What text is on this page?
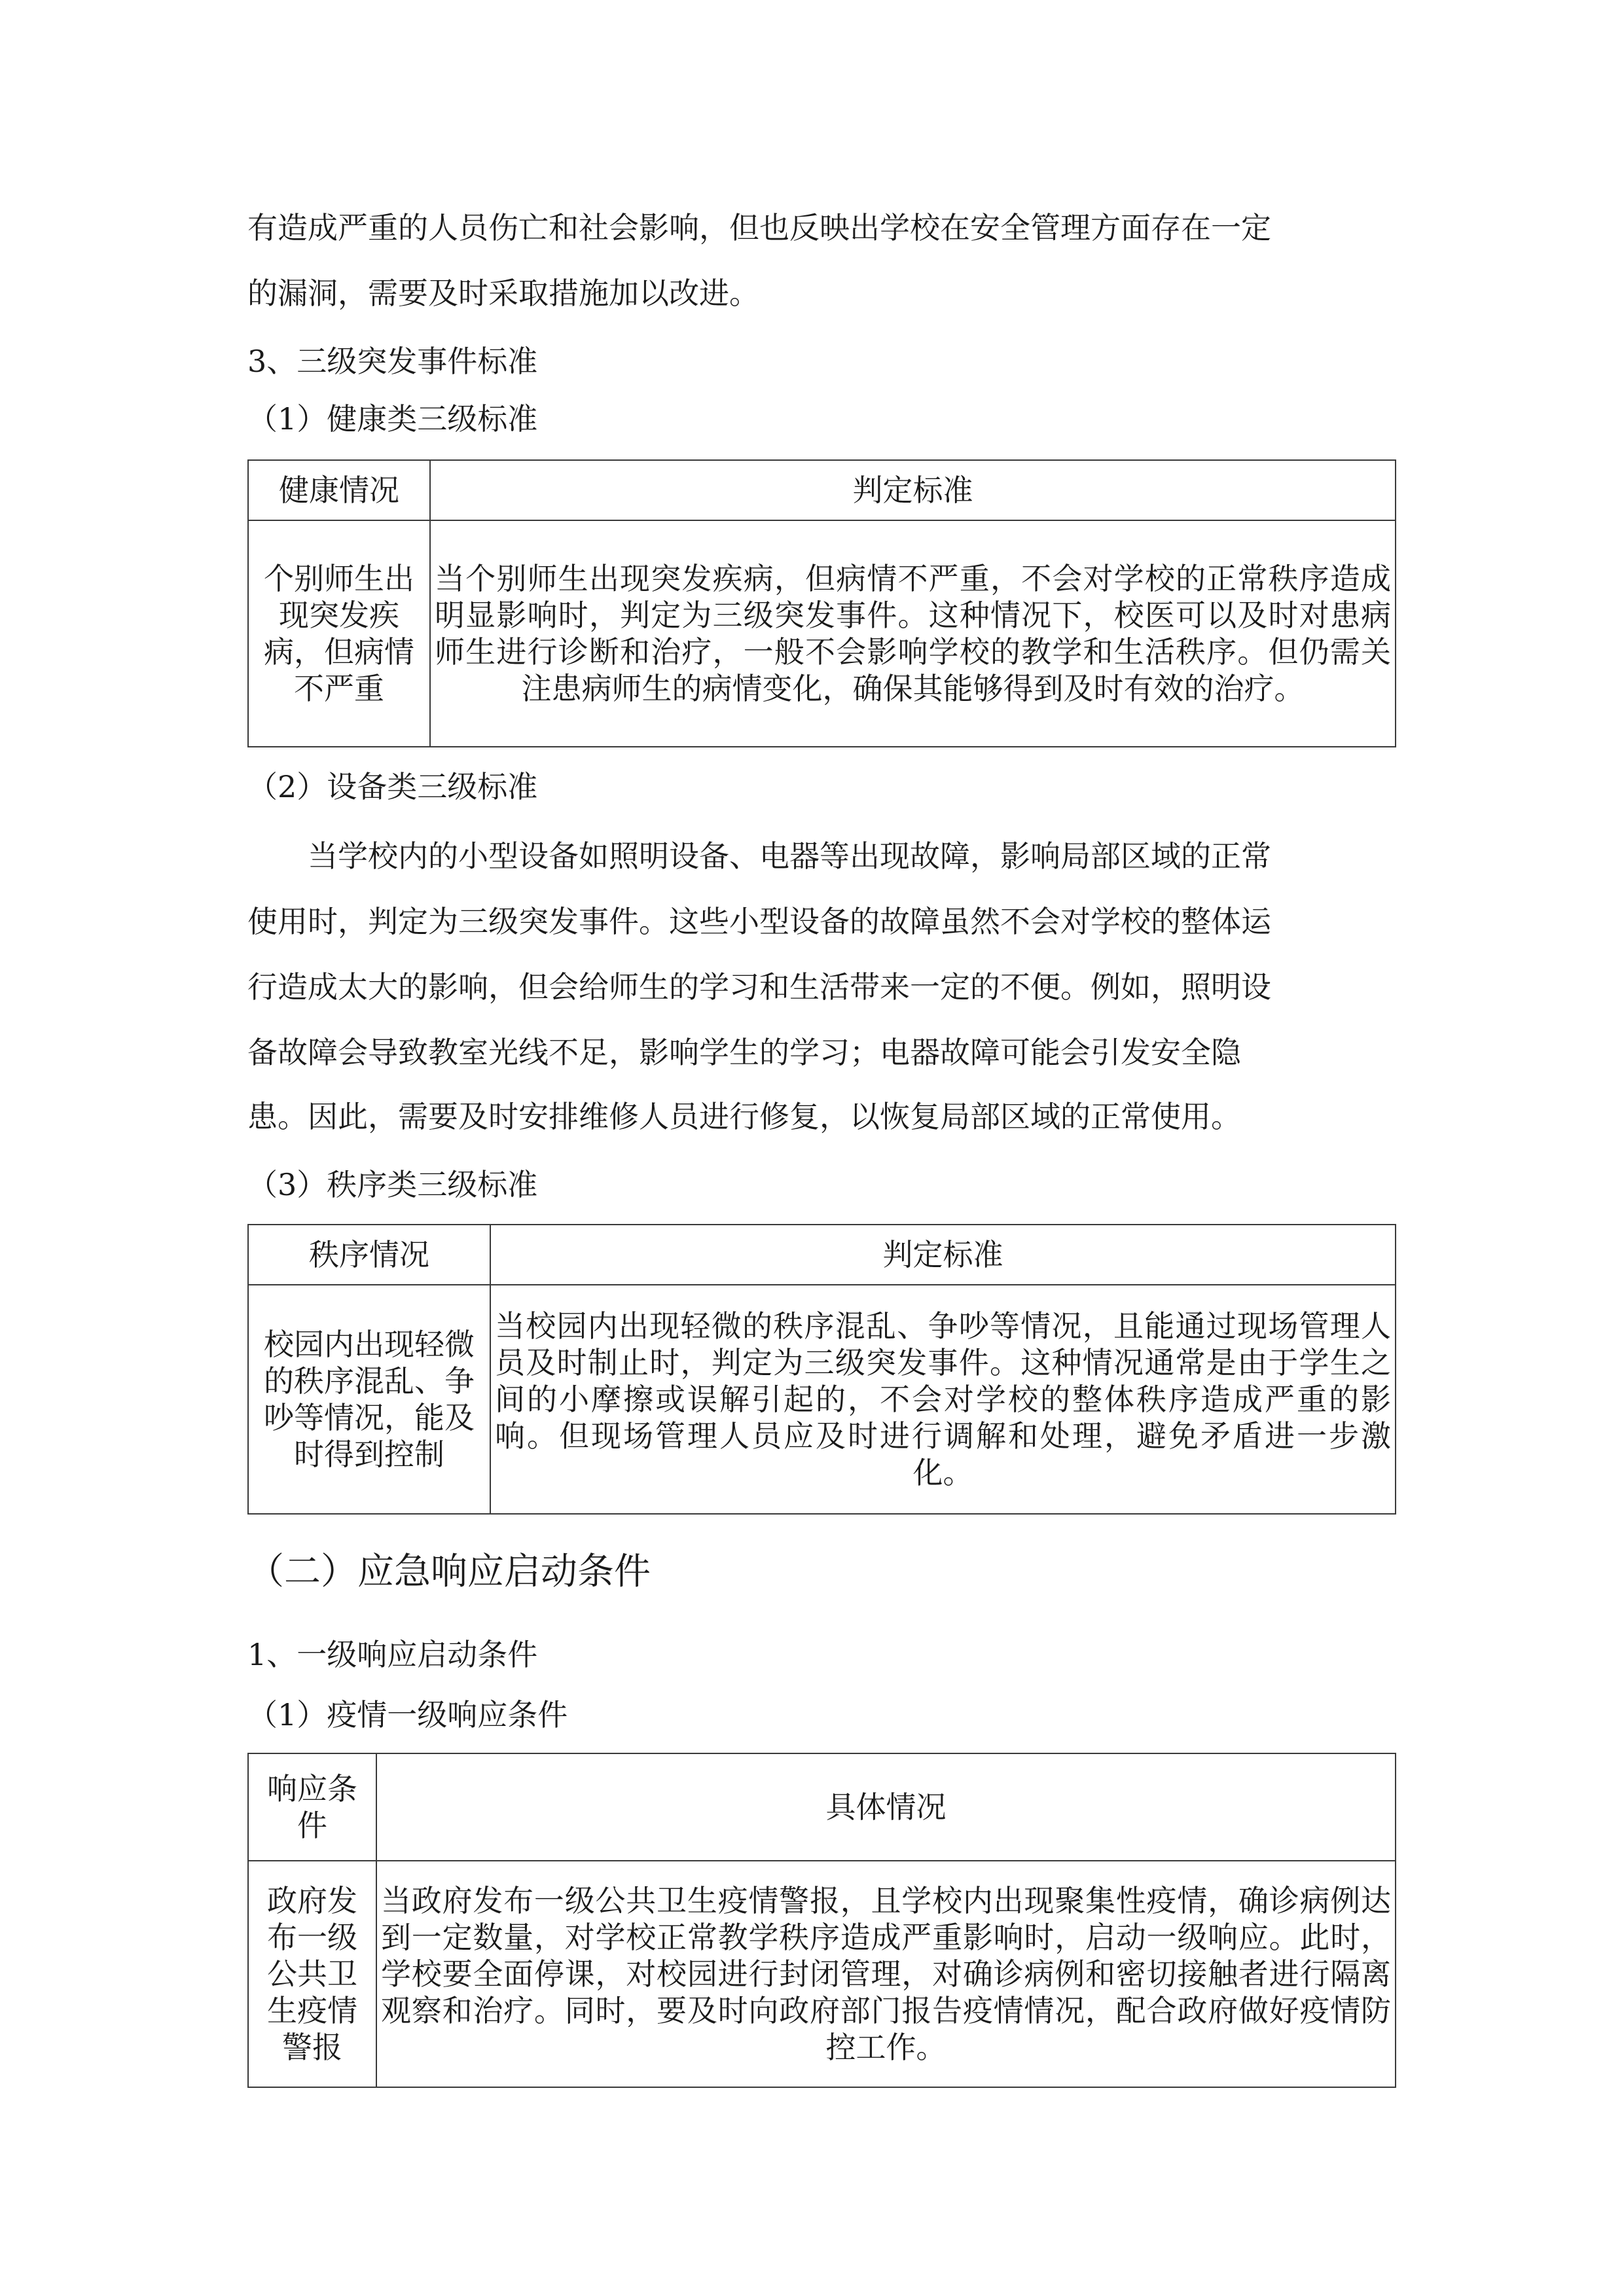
有造成严重的人员伤亡和社会影响，但也反映出学校在安全管理方面存在一定
的漏洞，需要及时采取措施加以改进。
3、三级突发事件标准
（1）健康类三级标准
健康情况	判定标准
个别师生出现突发疾病，但病情不严重	当个别师生出现突发疾病，但病情不严重，不会对学校的正常秩序造成明显影响时，判定为三级突发事件。这种情况下，校医可以及时对患病师生进行诊断和治疗，一般不会影响学校的教学和生活秩序。但仍需关注患病师生的病情变化，确保其能够得到及时有效的治疗。
（2）设备类三级标准
当学校内的小型设备如照明设备、电器等出现故障，影响局部区域的正常
使用时，判定为三级突发事件。这些小型设备的故障虽然不会对学校的整体运
行造成太大的影响，但会给师生的学习和生活带来一定的不便。例如，照明设
备故障会导致教室光线不足，影响学生的学习；电器故障可能会引发安全隐
患。因此，需要及时安排维修人员进行修复，以恢复局部区域的正常使用。
（3）秩序类三级标准
秩序情况	判定标准
校园内出现轻微的秩序混乱、争吵等情况，能及时得到控制	当校园内出现轻微的秩序混乱、争吵等情况，且能通过现场管理人员及时制止时，判定为三级突发事件。这种情况通常是由于学生之间的小摩擦或误解引起的，不会对学校的整体秩序造成严重的影响。但现场管理人员应及时进行调解和处理，避免矛盾进一步激化。
（二）应急响应启动条件
1、一级响应启动条件
（1）疫情一级响应条件
响应条件	具体情况
政府发布一级公共卫生疫情警报	当政府发布一级公共卫生疫情警报，且学校内出现聚集性疫情，确诊病例达到一定数量，对学校正常教学秩序造成严重影响时，启动一级响应。此时，学校要全面停课，对校园进行封闭管理，对确诊病例和密切接触者进行隔离观察和治疗。同时，要及时向政府部门报告疫情情况，配合政府做好疫情防控工作。
